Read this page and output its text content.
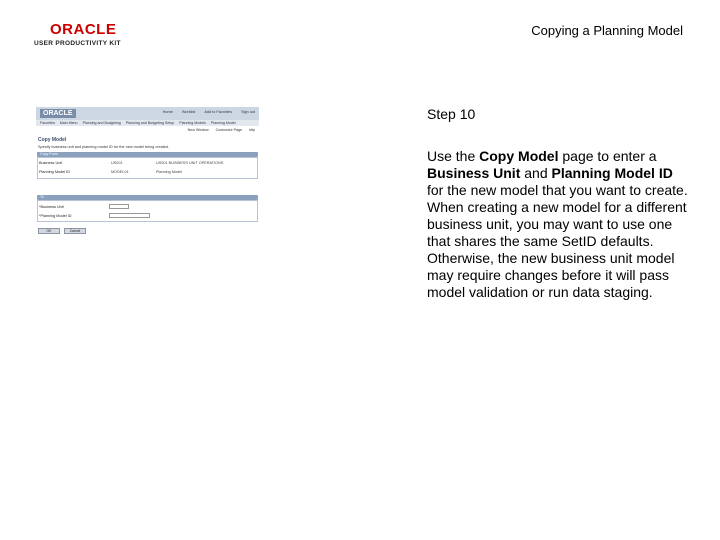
ORACLE
USER PRODUCTIVITY KIT
Copying a Planning Model
ORACLE	Home Worklist Add to Favorites Sign out
Favorites Main Menu Planning and Budgeting Planning and Budgeting Setup Planning Models Planning Model
New Window Customize Page http
Copy Model
Specify business unit and planning model ID for the new model being created.
Copy From
Business Unit	US001	US001 BUSINESS UNIT OPERATIONS
Planning Model ID	MODEL01	Planning Model
To
*Business Unit
*Planning Model ID
OK	Cancel
Step 10
Use the Copy Model page to enter a Business Unit and Planning Model ID for the new model that you want to create. When creating a new model for a different business unit, you may want to use one that shares the same SetID defaults. Otherwise, the new business unit model may require changes before it will pass model validation or run data staging.
